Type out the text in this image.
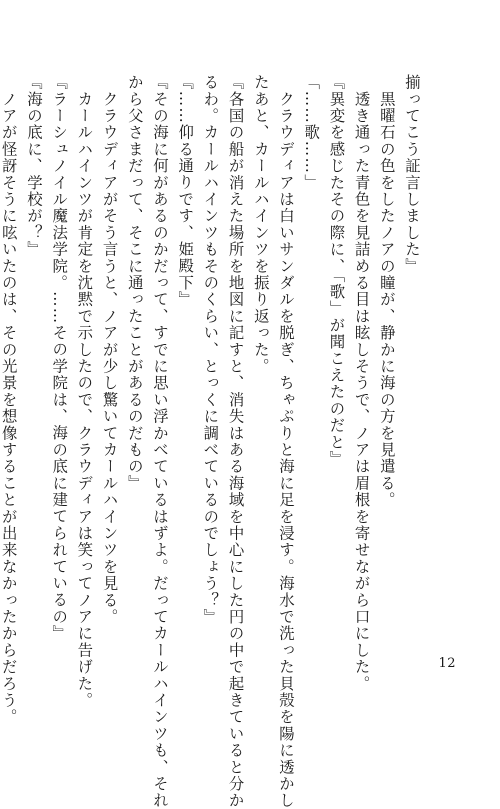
揃ってこう証言しました』
　黒曜石の色をしたノアの瞳が、静かに海の方を見遣る。
　透き通った青色を見詰める目は眩しそうで、ノアは眉根を寄せながら口にした。
『異変を感じたその際に、「歌」が聞こえたのだと』
「……歌……」
　クラウディアは白いサンダルを脱ぎ、ちゃぷりと海に足を浸す。海水で洗った貝殻を陽に透かし
たあと、カールハインツを振り返った。
『各国の船が消えた場所を地図に記すと、消失はある海域を中心にした円の中で起きていると分か
るわ。カールハインツもそのくらい、とっくに調べているのでしょう？』
『……仰る通りです、姫殿下』
『その海に何があるのかだって、すでに思い浮かべているはずよ。だってカールハインツも、それ
から父さまだって、そこに通ったことがあるのだもの』
　クラウディアがそう言うと、ノアが少し驚いてカールハインツを見る。
　カールハインツが肯定を沈黙で示したので、クラウディアは笑ってノアに告げた。
『ラーシュノイル魔法学院。……その学院は、海の底に建てられているの』
『海の底に、学校が？』
　ノアが怪訝そうに呟いたのは、その光景を想像することが出来なかったからだろう。	12
